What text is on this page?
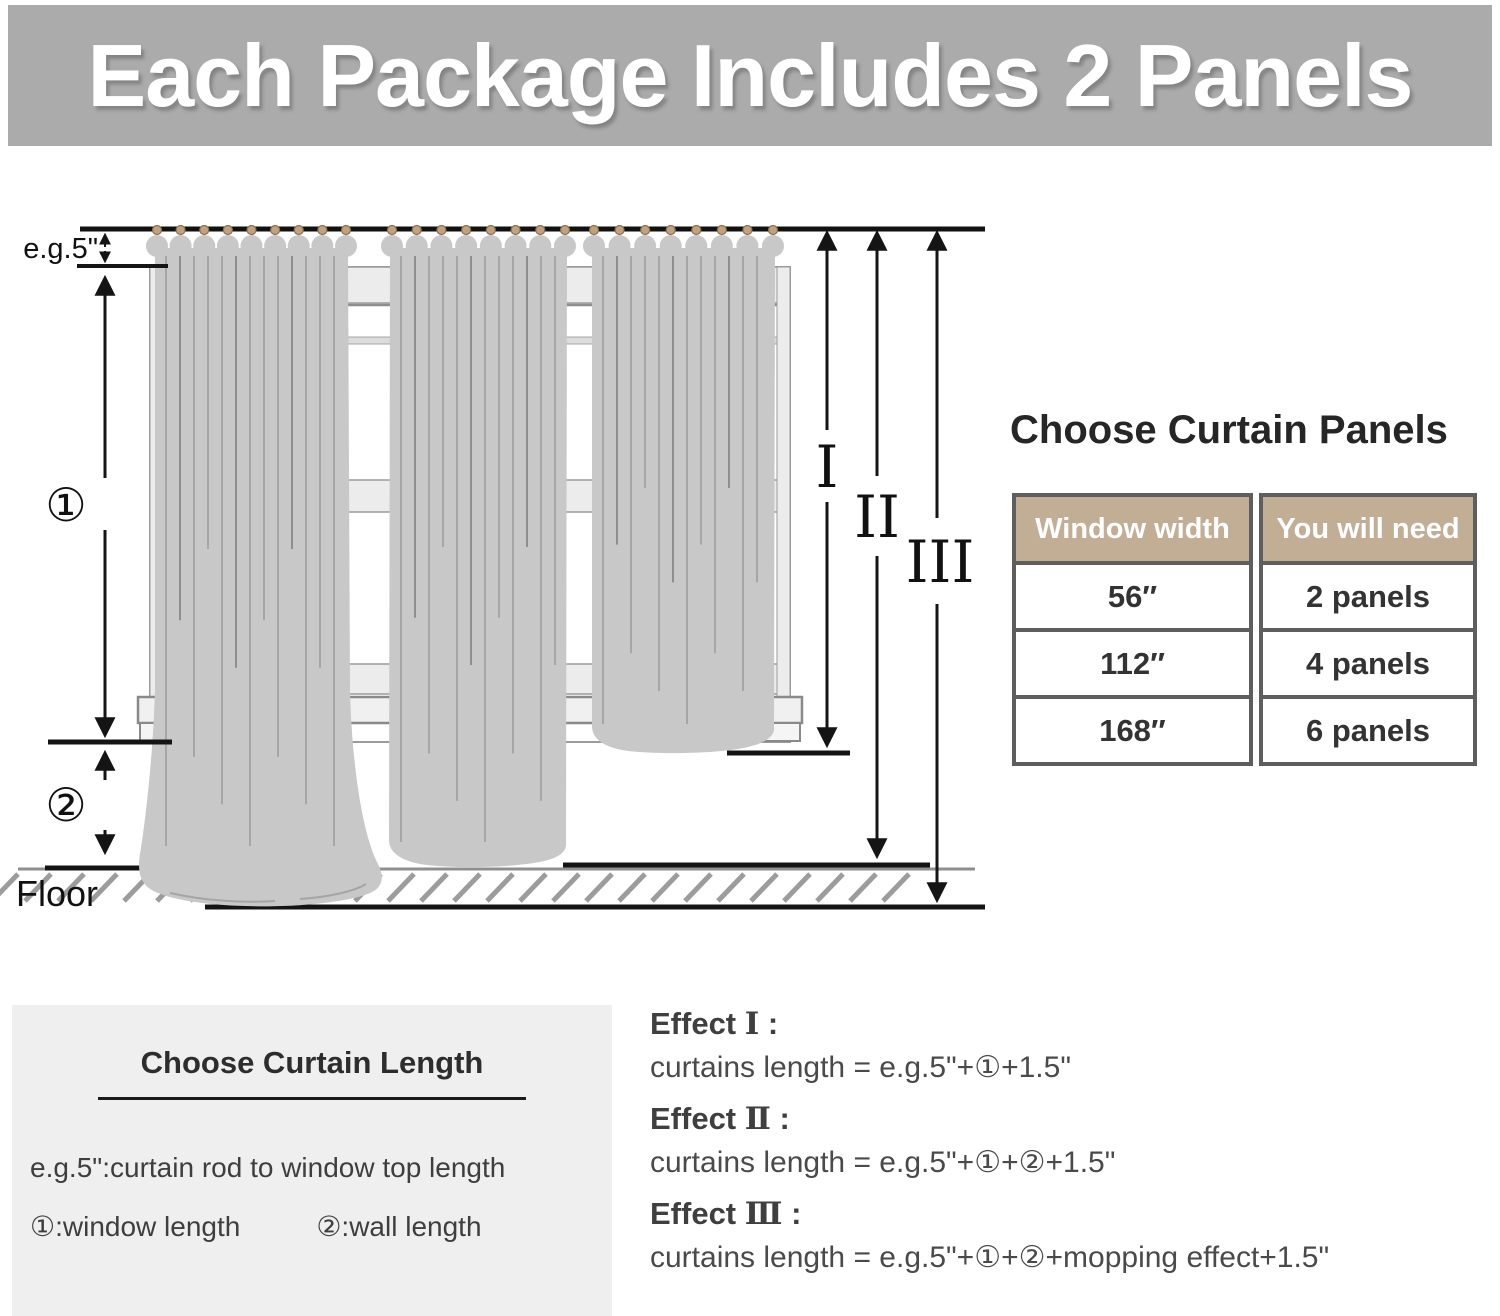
e.g.5"
①
②
I
II
III
Floor
Each Package Includes 2 Panels
Choose Curtain Panels
Window width
56″
112″
168″
You will need
2 panels
4 panels
6 panels
Choose Curtain Length
e.g.5":curtain rod to window top length
①:window length	②:wall length
Effect Ⅰ :
curtains length = e.g.5"+①+1.5"
Effect Ⅱ :
curtains length = e.g.5"+①+②+1.5"
Effect Ⅲ :
curtains length = e.g.5"+①+②+mopping effect+1.5"
